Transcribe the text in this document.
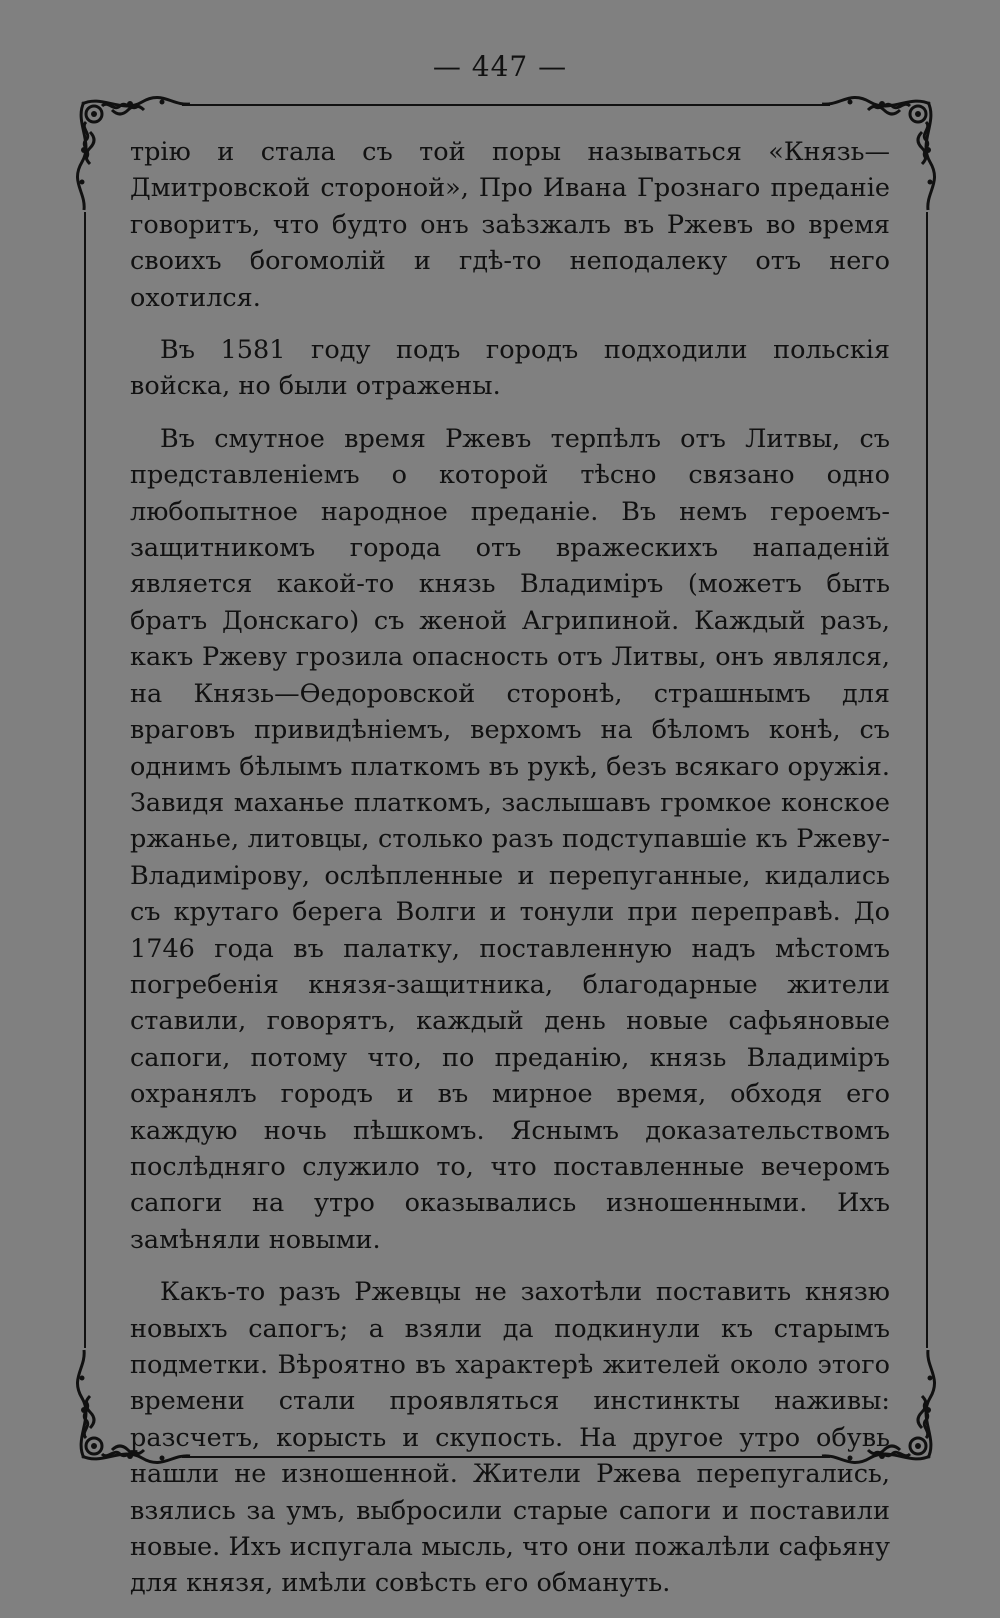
— 447 —

трію и стала съ той поры называться «Князь—Дмитровской стороной», Про Ивана Грознаго преданіе говоритъ, что будто онъ заѣзжалъ въ Ржевъ во время своихъ богомолій и гдѣ-то неподалеку отъ него охотился.

Въ 1581 году подъ городъ подходили польскія войска, но были отражены.

Въ смутное время Ржевъ терпѣлъ отъ Литвы, съ представленіемъ о которой тѣсно связано одно любопытное народное преданіе. Въ немъ героемъ-защитникомъ города отъ вражескихъ нападеній является какой-то князь Владиміръ (можетъ быть братъ Донскаго) съ женой Агрипиной. Каждый разъ, какъ Ржеву грозила опасность отъ Литвы, онъ являлся, на Князь—Ѳедоровской сторонѣ, страшнымъ для враговъ привидѣніемъ, верхомъ на бѣломъ конѣ, съ однимъ бѣлымъ платкомъ въ рукѣ, безъ всякаго оружія. Завидя маханье платкомъ, заслышавъ громкое конское ржанье, литовцы, столько разъ подступавшіе къ Ржеву-Владимірову, ослѣпленные и перепуганные, кидались съ крутаго берега Волги и тонули при переправѣ. До 1746 года въ палатку, поставленную надъ мѣстомъ погребенія князя-защитника, благодарные жители ставили, говорятъ, каждый день новые сафьяновые сапоги, потому что, по преданію, князь Владиміръ охранялъ городъ и въ мирное время, обходя его каждую ночь пѣшкомъ. Яснымъ доказательствомъ послѣдняго служило то, что поставленные вечеромъ сапоги на утро оказывались изношенными. Ихъ замѣняли новыми.

Какъ-то разъ Ржевцы не захотѣли поставить князю новыхъ сапогъ; а взяли да подкинули къ старымъ подметки. Вѣроятно въ характерѣ жителей около этого времени стали проявляться инстинкты наживы: разсчетъ, корысть и скупость. На другое утро обувь нашли не изношенной. Жители Ржева перепугались, взялись за умъ, выбросили старые сапоги и поставили новые. Ихъ испугала мысль, что они пожалѣли сафьяну для князя, имѣли совѣсть его обмануть.
